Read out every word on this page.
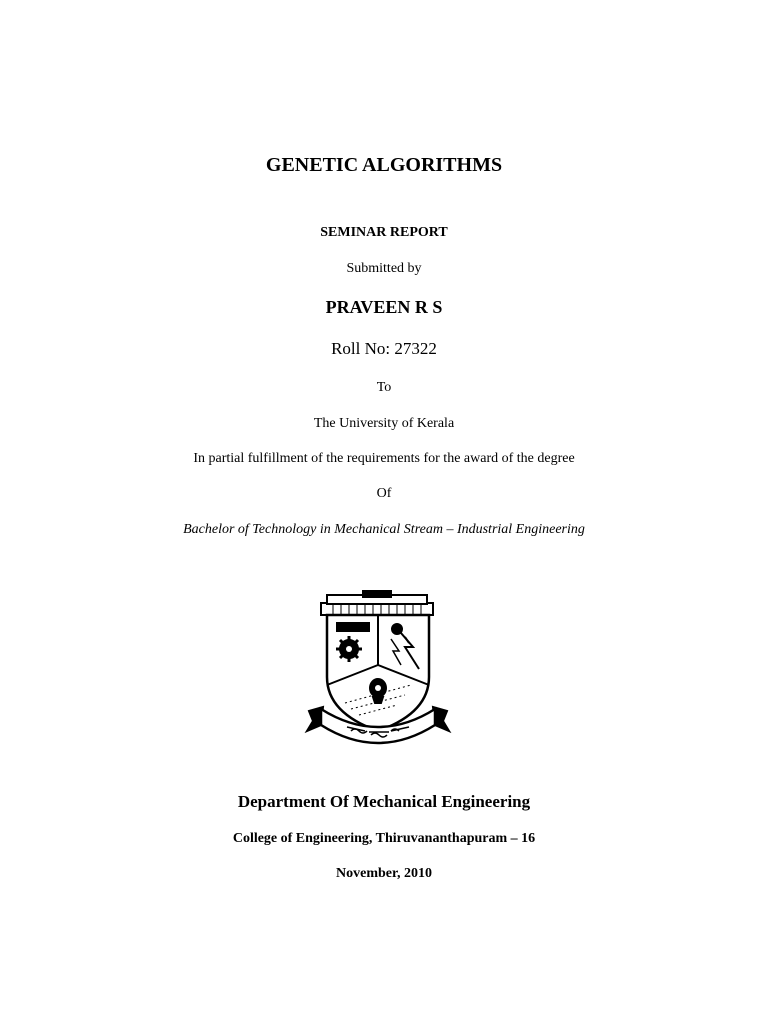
GENETIC ALGORITHMS
SEMINAR REPORT
Submitted by
PRAVEEN R S
Roll No: 27322
To
The University of Kerala
In partial fulfillment of the requirements for the award of the degree
Of
Bachelor of Technology in Mechanical Stream – Industrial Engineering
Department Of Mechanical Engineering
College of Engineering, Thiruvananthapuram – 16
November, 2010
